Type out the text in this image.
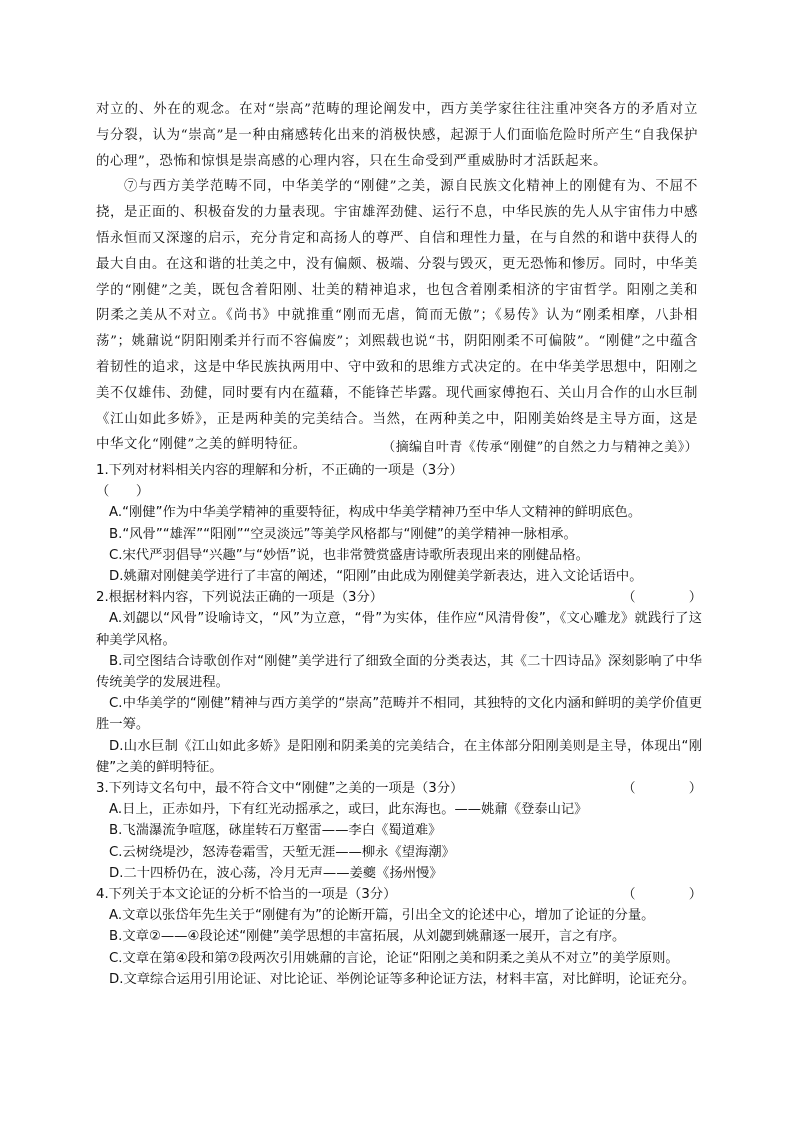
对立的、外在的观念。在对“崇高”范畴的理论阐发中，西方美学家往往注重冲突各方的矛盾对立与分裂，认为“崇高”是一种由痛感转化出来的消极快感，起源于人们面临危险时所产生“自我保护的心理”，恐怖和惊惧是崇高感的心理内容，只在生命受到严重威胁时才活跃起来。

⑦与西方美学范畴不同，中华美学的“刚健”之美，源自民族文化精神上的刚健有为、不屈不挠，是正面的、积极奋发的力量表现。宇宙雄浑劲健、运行不息，中华民族的先人从宇宙伟力中感悟永恒而又深邃的启示，充分肯定和高扬人的尊严、自信和理性力量，在与自然的和谐中获得人的最大自由。在这和谐的壮美之中，没有偏颇、极端、分裂与毁灭，更无恐怖和惨厉。同时，中华美学的“刚健”之美，既包含着阳刚、壮美的精神追求，也包含着刚柔相济的宇宙哲学。阳刚之美和阴柔之美从不对立。《尚书》中就推重“刚而无虐，简而无傲”；《易传》认为“刚柔相摩，八卦相荡”；姚鼐说“阴阳刚柔并行而不容偏废”；刘熙载也说“书，阴阳刚柔不可偏陂”。“刚健”之中蕴含着韧性的追求，这是中华民族执两用中、守中致和的思维方式决定的。在中华美学思想中，阳刚之美不仅雄伟、劲健，同时要有内在蕴藉，不能锋芒毕露。现代画家傅抱石、关山月合作的山水巨制《江山如此多娇》，正是两种美的完美结合。当然，在两种美之中，阳刚美始终是主导方面，这是中华文化“刚健”之美的鲜明特征。	（摘编自叶青《传承“刚健”的自然之力与精神之美》）

1.下列对材料相关内容的理解和分析，不正确的一项是（3分）
（　　）

A.“刚健”作为中华美学精神的重要特征，构成中华美学精神乃至中华人文精神的鲜明底色。

B.“风骨”“雄浑”“阳刚”“空灵淡远”等美学风格都与“刚健”的美学精神一脉相承。

C.宋代严羽倡导“兴趣”与“妙悟”说，也非常赞赏盛唐诗歌所表现出来的刚健品格。

D.姚鼐对刚健美学进行了丰富的阐述，“阳刚”由此成为刚健美学新表达，进入文论话语中。

2.根据材料内容，下列说法正确的一项是（3分）	（　　　　）

A.刘勰以“风骨”设喻诗文，“风”为立意，“骨”为实体，佳作应“风清骨俊”，《文心雕龙》就践行了这种美学风格。

B.司空图结合诗歌创作对“刚健”美学进行了细致全面的分类表达，其《二十四诗品》深刻影响了中华传统美学的发展进程。

C.中华美学的“刚健”精神与西方美学的“崇高”范畴并不相同，其独特的文化内涵和鲜明的美学价值更胜一筹。

D.山水巨制《江山如此多娇》是阳刚和阴柔美的完美结合，在主体部分阳刚美则是主导，体现出“刚健”之美的鲜明特征。

3.下列诗文名句中，最不符合文中“刚健”之美的一项是（3分）	（　　　　）

A.日上，正赤如丹，下有红光动摇承之，或曰，此东海也。——姚鼐《登泰山记》

B.飞湍瀑流争喧豗，砯崖转石万壑雷——李白《蜀道难》

C.云树绕堤沙，怒涛卷霜雪，天堑无涯——柳永《望海潮》

D.二十四桥仍在，波心荡，冷月无声——姜夔《扬州慢》

4.下列关于本文论证的分析不恰当的一项是（3分）	（　　　　）

A.文章以张岱年先生关于“刚健有为”的论断开篇，引出全文的论述中心，增加了论证的分量。

B.文章②——④段论述“刚健”美学思想的丰富拓展，从刘勰到姚鼐逐一展开，言之有序。

C.文章在第④段和第⑦段两次引用姚鼐的言论，论证“阳刚之美和阴柔之美从不对立”的美学原则。

D.文章综合运用引用论证、对比论证、举例论证等多种论证方法，材料丰富，对比鲜明，论证充分。
